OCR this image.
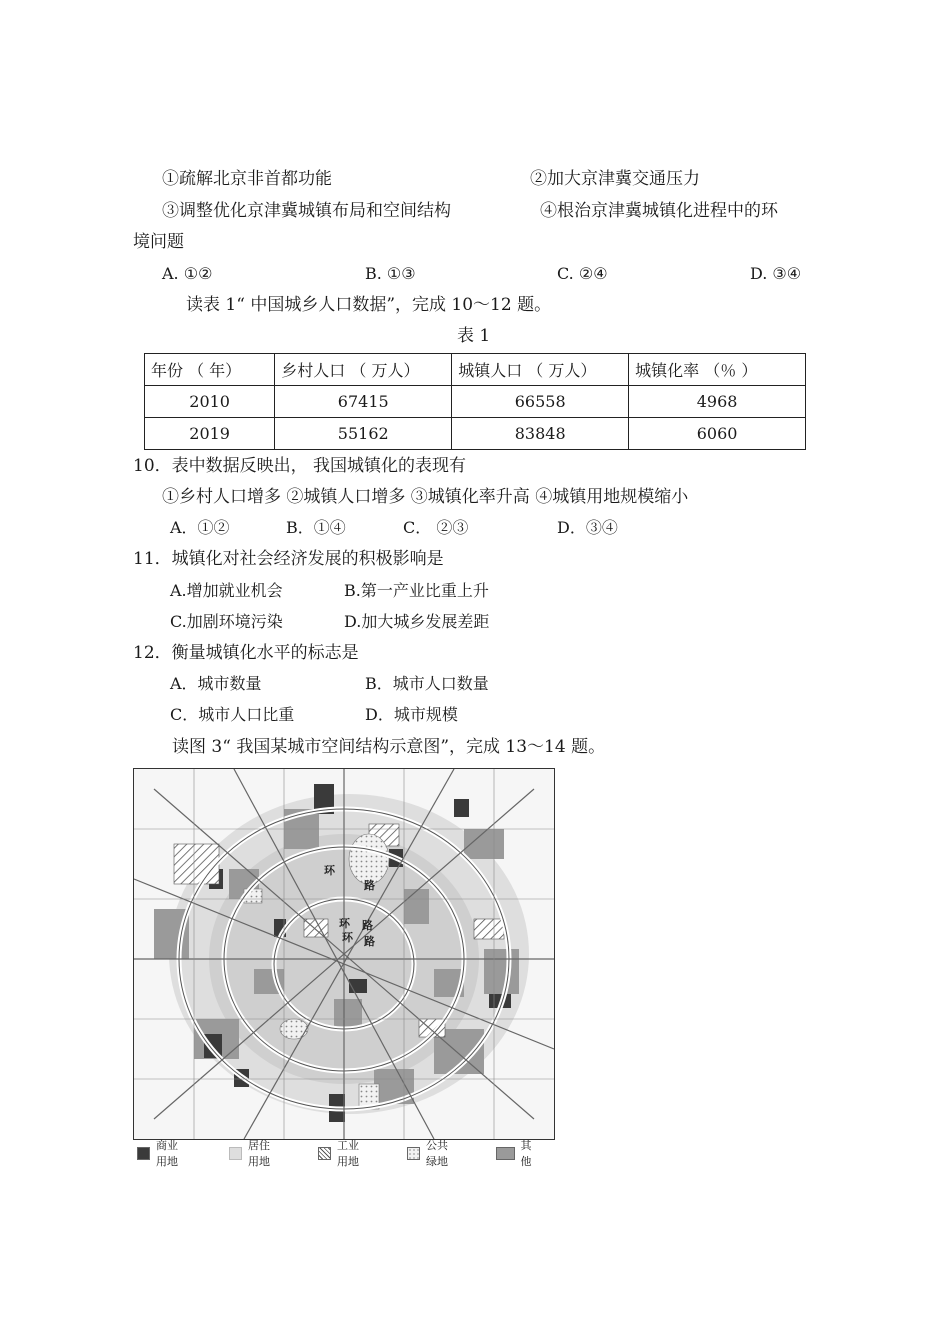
①疏解北京非首都功能	②加大京津冀交通压力
③调整优化京津冀城镇布局和空间结构	④根治京津冀城镇化进程中的环
境问题
A. ①②	B. ①③	C. ②④	D. ③④
读表 1“ 中国城乡人口数据”，完成 10～12 题。
表 1
年份 （ 年）	乡村人口 （ 万人）	城镇人口 （ 万人）	城镇化率 （％ ）
2010	67415	66558	4968
2019	55162	83848	6060
10．表中数据反映出， 我国城镇化的表现有
①乡村人口增多 ②城镇人口增多 ③城镇化率升高 ④城镇用地规模缩小
A．①②	B．①④	C． ②③	D．③④
11．城镇化对社会经济发展的积极影响是
A.增加就业机会	B.第一产业比重上升
C.加剧环境污染	D.加大城乡发展差距
12．衡量城镇化水平的标志是
A．城市数量	B．城市人口数量
C．城市人口比重	D．城市规模
读图 3“ 我国某城市空间结构示意图”，完成 13～14 题。
环
路
环 路
环 路
商业用地
居住用地
工业用地
公共绿地
其他
